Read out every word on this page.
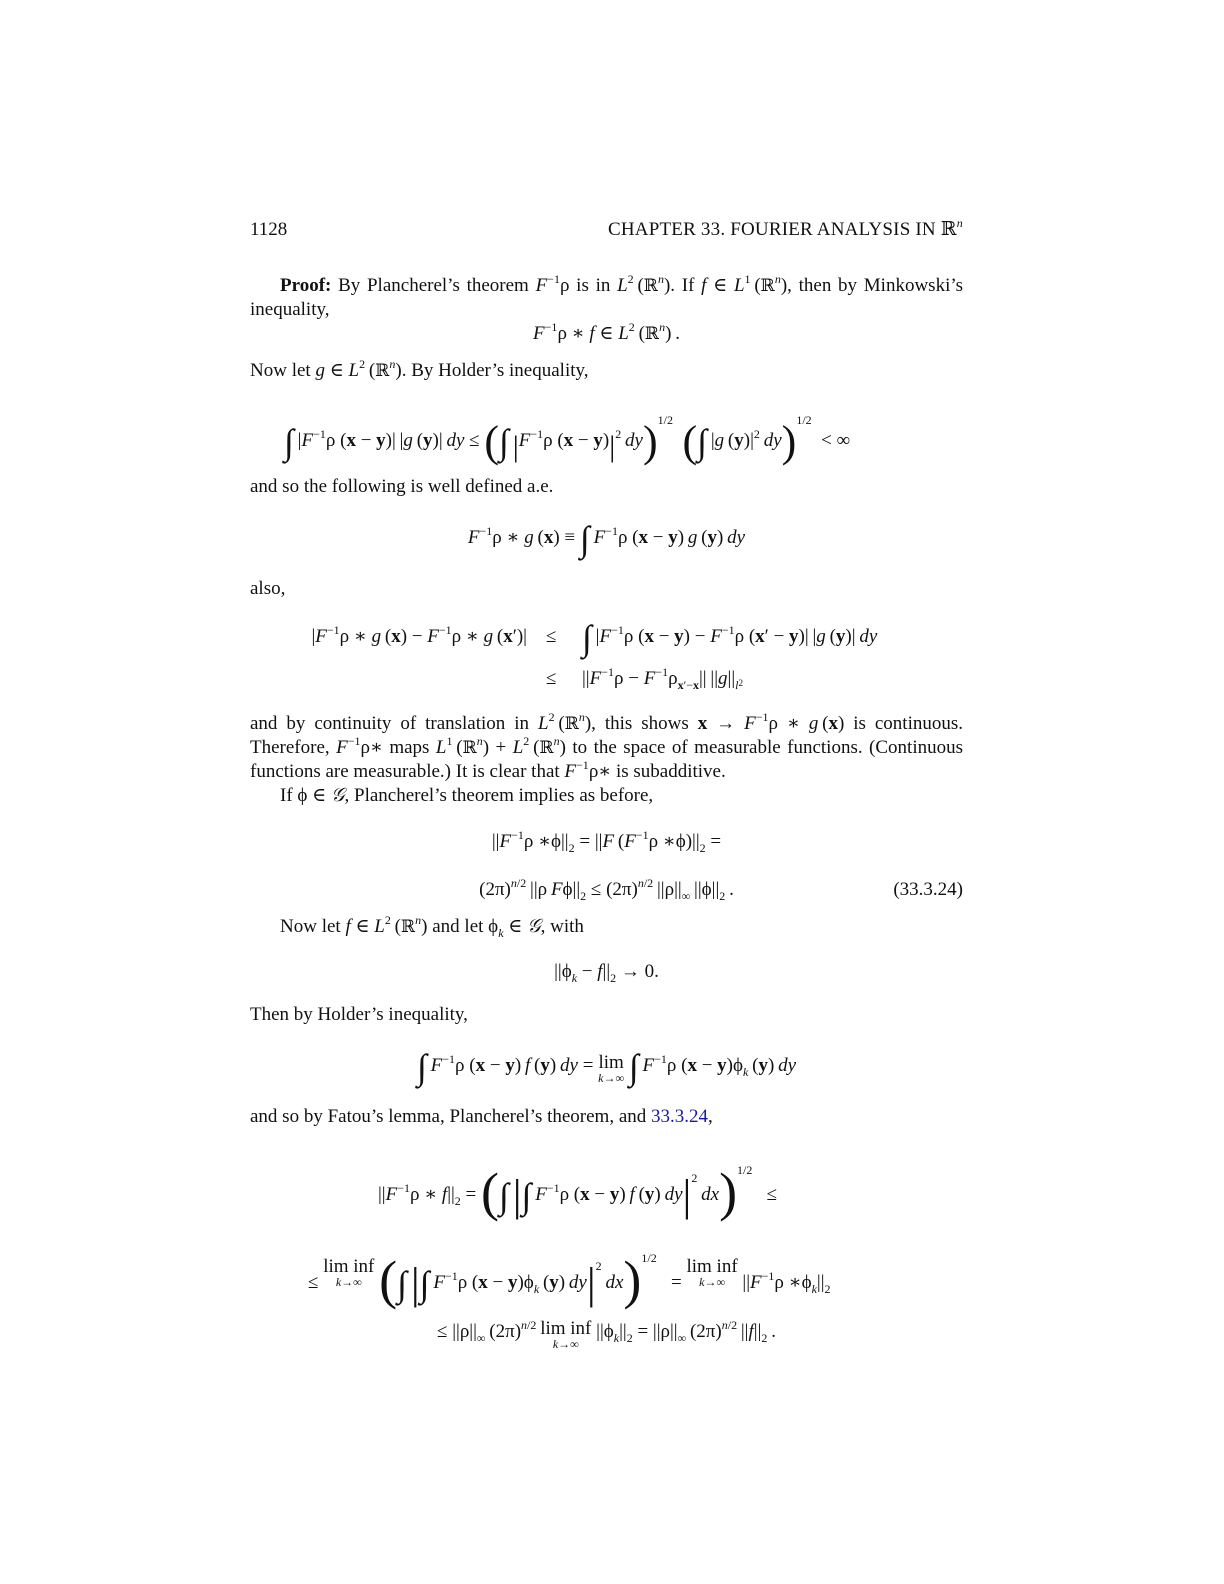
1128	CHAPTER 33. FOURIER ANALYSIS IN ℝ$^n$
Proof: By Plancherel’s theorem $F^{-1}\rho$ is in $L^2$ (ℝ$^n$). If f ∈ $L^1$ (ℝ$^n$), then by Minkowski’s inequality,
$F^{-1}\rho$ ∗ f ∈ $L^2$ (ℝ$^n$) .
Now let g ∈ $L^2$ (ℝ$^n$). By Holder’s inequality,
∫ $|F^{-1}\rho$ (x − y)| |g (y)| dy ≤ (∫  $|F^{-1}\rho$ $(x - y)|^2$  dy)$^{1/2}$ (∫ |g $(y)|^2$  dy)$^{1/2}$  < ∞
and so the following is well defined a.e.
$F^{-1}\rho$ ∗ g (x) ≡ ∫  $F^{-1}\rho$ (x − y) g (y) dy
also,
$|F^{-1}\rho$ ∗ g $(x) - F^{-1}\rho$ ∗ g (x′)| ≤ ∫ $|F^{-1}\rho$ $(x - y) - F^{-1}\rho$ (x′ − y)| |g (y)| dy
≤ $||F^{-1}\rho - F^{-1}\rho_{x'-x}||$ $||g||_{l^2}$
and by continuity of translation in $L^2$ (ℝ$^n$), this shows $x \to F^{-1}\rho$ ∗ g (x) is continuous. Therefore, $F^{-1}\rho∗$ maps $L^1$ (ℝ$^n$) + $L^2$ (ℝ$^n$) to the space of measurable functions. (Continuous functions are measurable.) It is clear that $F^{-1}\rho∗$ is subadditive.
If ϕ ∈ 𝒢, Plancherel’s theorem implies as before,
$||F^{-1}\rho$ $∗\phi||_2 = ||F$ ($F^{-1}\rho$ $∗\phi)||_2$ =
$(2\pi)^{n/2}$ ||ρ $F\phi||_2 \le (2\pi)^{n/2}$ $||\rho||_\infty$ $||\phi||_2$ .	(33.3.24)
Now let f ∈ $L^2$ (ℝ$^n$) and let $\phi_k$ ∈ 𝒢, with
$||\phi_k - f||_2 \to 0$.
Then by Holder’s inequality,
∫  $F^{-1}\rho$ (x − y) f (y) dy = lim
k→∞ ∫  $F^{-1}\rho$ $(x - y)\phi_k$ (y) dy
and so by Fatou’s lemma, Plancherel’s theorem, and 33.3.24,
$||F^{-1}\rho$ ∗ $f||_2$ = (∫ |∫  $F^{-1}\rho$ (x − y) f (y) $dy|^2$ dx)$^{1/2}$   ≤
≤ lim inf
k→∞ (∫ |∫  $F^{-1}\rho$ $(x - y)\phi_k$ (y) $dy|^2$ dx)$^{1/2}$   = lim inf
k→∞ $||F^{-1}\rho$ $∗\phi_k||_2$
≤ $||\rho||_\infty$ $(2\pi)^{n/2}$  lim inf
k→∞
$||\phi_k||_2 = ||\rho||_\infty$ $(2\pi)^{n/2}$ $||f||_2$ .
